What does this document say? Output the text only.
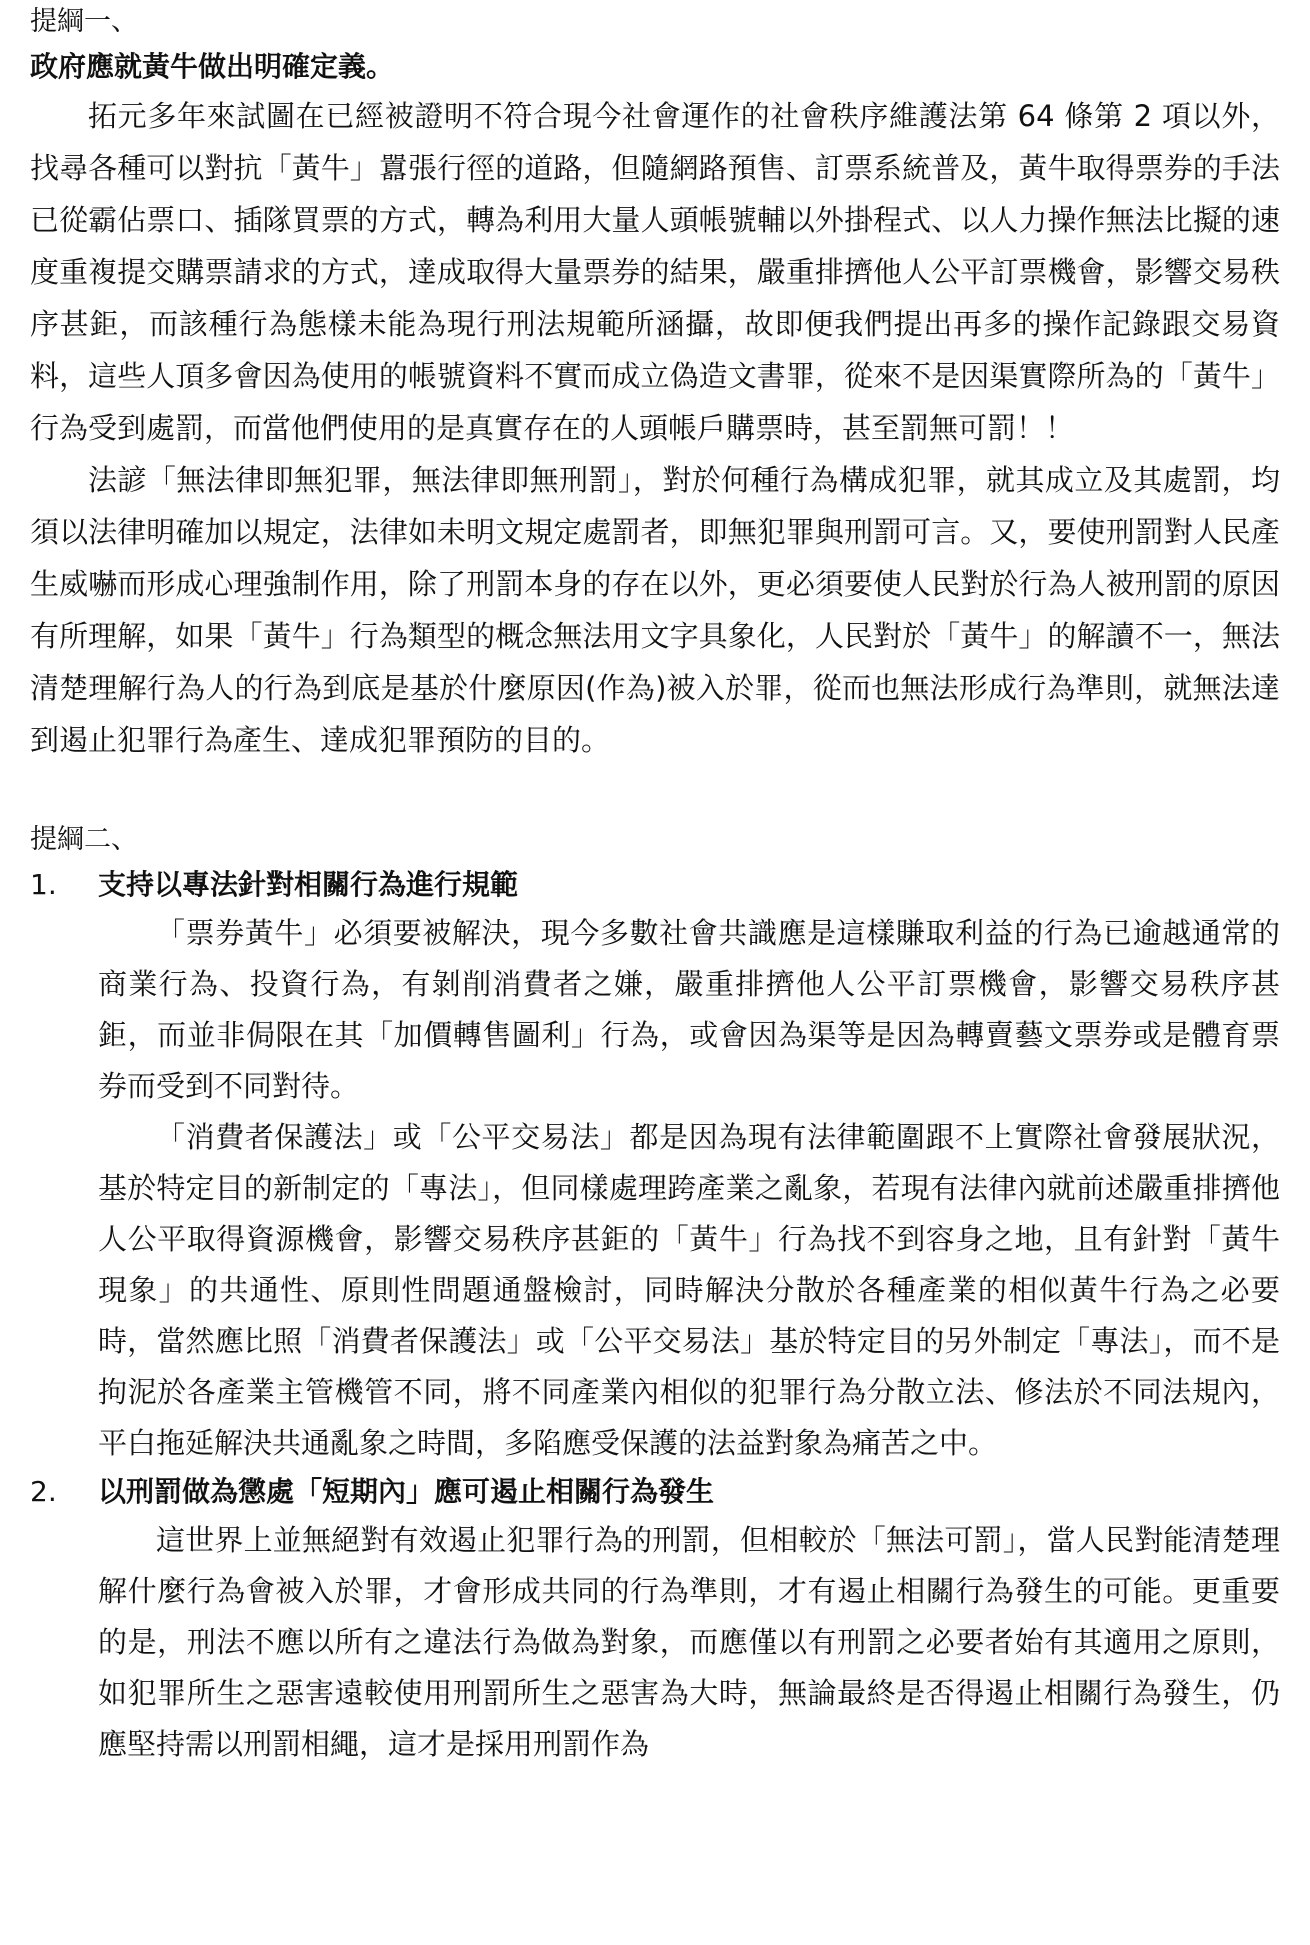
提綱一、

政府應就黃牛做出明確定義。

拓元多年來試圖在已經被證明不符合現今社會運作的社會秩序維護法第 64 條第 2 項以外，找尋各種可以對抗「黃牛」囂張行徑的道路，但隨網路預售、訂票系統普及，黃牛取得票券的手法已從霸佔票口、插隊買票的方式，轉為利用大量人頭帳號輔以外掛程式、以人力操作無法比擬的速度重複提交購票請求的方式，達成取得大量票券的結果，嚴重排擠他人公平訂票機會，影響交易秩序甚鉅，而該種行為態樣未能為現行刑法規範所涵攝，故即便我們提出再多的操作記錄跟交易資料，這些人頂多會因為使用的帳號資料不實而成立偽造文書罪，從來不是因渠實際所為的「黃牛」行為受到處罰，而當他們使用的是真實存在的人頭帳戶購票時，甚至罰無可罰！！

法諺「無法律即無犯罪，無法律即無刑罰」，對於何種行為構成犯罪，就其成立及其處罰，均須以法律明確加以規定，法律如未明文規定處罰者，即無犯罪與刑罰可言。又，要使刑罰對人民產生威嚇而形成心理強制作用，除了刑罰本身的存在以外，更必須要使人民對於行為人被刑罰的原因有所理解，如果「黃牛」行為類型的概念無法用文字具象化，人民對於「黃牛」的解讀不一，無法清楚理解行為人的行為到底是基於什麼原因(作為)被入於罪，從而也無法形成行為準則，就無法達到遏止犯罪行為產生、達成犯罪預防的目的。

提綱二、

1.	支持以專法針對相關行為進行規範

「票券黃牛」必須要被解決，現今多數社會共識應是這樣賺取利益的行為已逾越通常的商業行為、投資行為，有剝削消費者之嫌，嚴重排擠他人公平訂票機會，影響交易秩序甚鉅，而並非侷限在其「加價轉售圖利」行為，或會因為渠等是因為轉賣藝文票券或是體育票券而受到不同對待。

「消費者保護法」或「公平交易法」都是因為現有法律範圍跟不上實際社會發展狀況，基於特定目的新制定的「專法」，但同樣處理跨產業之亂象，若現有法律內就前述嚴重排擠他人公平取得資源機會，影響交易秩序甚鉅的「黃牛」行為找不到容身之地，且有針對「黃牛現象」的共通性、原則性問題通盤檢討，同時解決分散於各種產業的相似黃牛行為之必要時，當然應比照「消費者保護法」或「公平交易法」基於特定目的另外制定「專法」，而不是拘泥於各產業主管機管不同，將不同產業內相似的犯罪行為分散立法、修法於不同法規內，平白拖延解決共通亂象之時間，多陷應受保護的法益對象為痛苦之中。

2.	以刑罰做為懲處「短期內」應可遏止相關行為發生

這世界上並無絕對有效遏止犯罪行為的刑罰，但相較於「無法可罰」，當人民對能清楚理解什麼行為會被入於罪，才會形成共同的行為準則，才有遏止相關行為發生的可能。更重要的是，刑法不應以所有之違法行為做為對象，而應僅以有刑罰之必要者始有其適用之原則，如犯罪所生之惡害遠較使用刑罰所生之惡害為大時，無論最終是否得遏止相關行為發生，仍應堅持需以刑罰相繩，這才是採用刑罰作為
